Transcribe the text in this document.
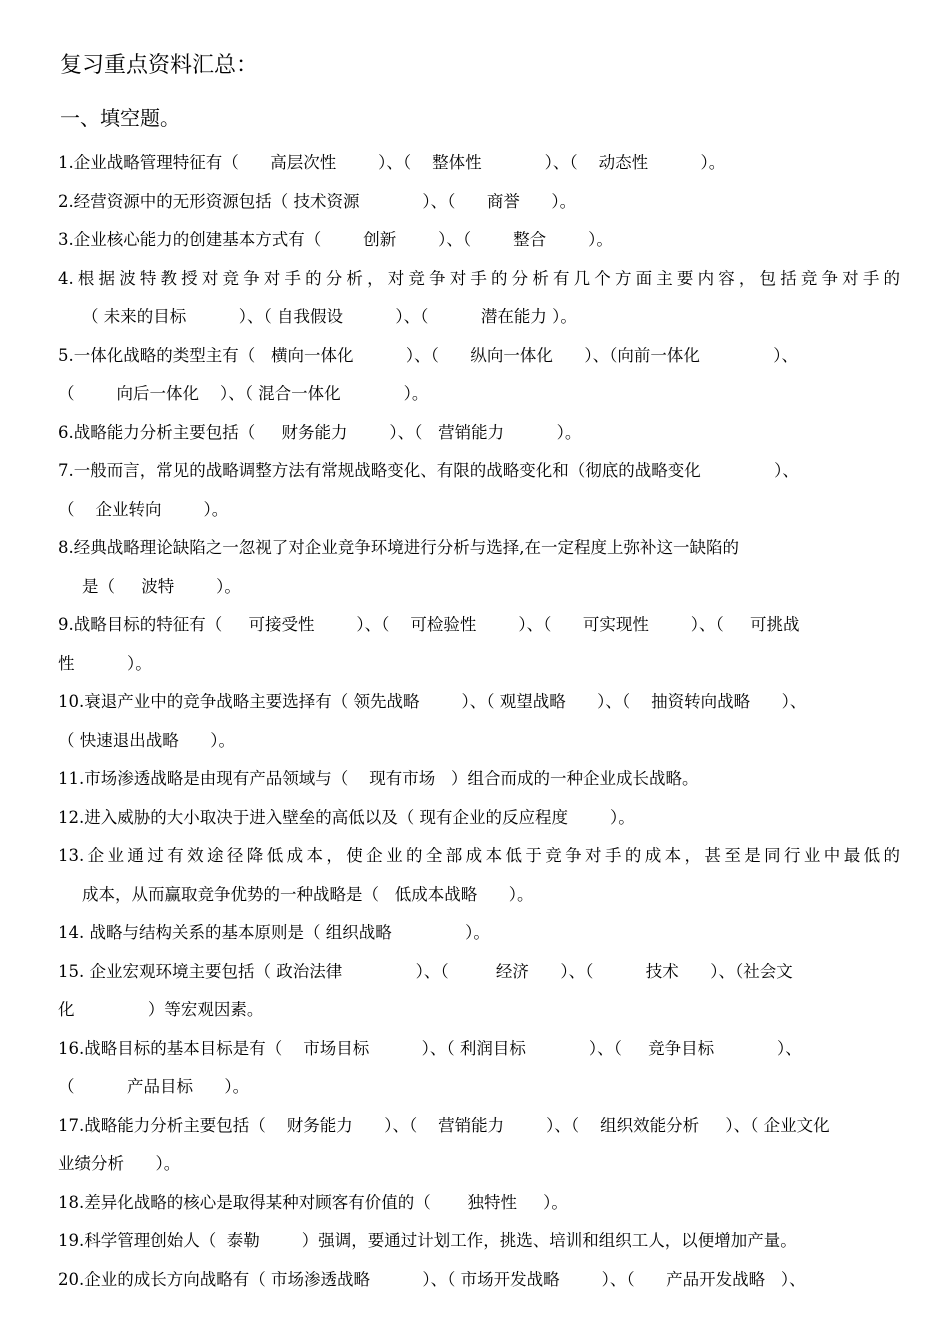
复习重点资料汇总：
一、填空题。
1.企业战略管理特征有（      高层次性        ）、（    整体性            ）、（    动态性          ）。
2.经营资源中的无形资源包括（ 技术资源            ）、（      商誉      ）。
3.企业核心能力的创建基本方式有（        创新        ）、（        整合        ）。
4.根据波特教授对竞争对手的分析，对竞争对手的分析有几个方面主要内容，包括竞争对手的
（ 未来的目标          ）、（ 自我假设          ）、（          潜在能力 ）。
5.一体化战略的类型主有（   横向一体化          ）、（      纵向一体化      ）、（向前一体化              ）、
（        向后一体化    ）、（ 混合一体化            ）。
6.战略能力分析主要包括（     财务能力        ）、（   营销能力          ）。
7.一般而言，常见的战略调整方法有常规战略变化、有限的战略变化和（彻底的战略变化              ）、
（    企业转向        ）。
8.经典战略理论缺陷之一忽视了对企业竞争环境进行分析与选择,在一定程度上弥补这一缺陷的
是（     波特        ）。
9.战略目标的特征有（     可接受性        ）、（    可检验性        ）、（      可实现性        ）、（     可挑战
性          ）。
10.衰退产业中的竞争战略主要选择有（ 领先战略        ）、（ 观望战略      ）、（    抽资转向战略      ）、
（ 快速退出战略      ）。
11.市场渗透战略是由现有产品领域与（    现有市场   ）组合而成的一种企业成长战略。
12.进入威胁的大小取决于进入壁垒的高低以及（ 现有企业的反应程度        ）。
13.企业通过有效途径降低成本，使企业的全部成本低于竞争对手的成本，甚至是同行业中最低的
成本，从而赢取竞争优势的一种战略是（   低成本战略      ）。
14. 战略与结构关系的基本原则是（ 组织战略              ）。
15. 企业宏观环境主要包括（ 政治法律              ）、（         经济      ）、（          技术      ）、（社会文
化              ）等宏观因素。
16.战略目标的基本目标是有（    市场目标          ）、（ 利润目标            ）、（     竞争目标            ）、
（          产品目标      ）。
17.战略能力分析主要包括（    财务能力      ）、（    营销能力        ）、（    组织效能分析     ）、（ 企业文化
业绩分析      ）。
18.差异化战略的核心是取得某种对顾客有价值的（       独特性     ）。
19.科学管理创始人（  泰勒        ）强调，要通过计划工作，挑选、培训和组织工人，以便增加产量。
20.企业的成长方向战略有（ 市场渗透战略          ）、（ 市场开发战略        ）、（      产品开发战略   ）、
